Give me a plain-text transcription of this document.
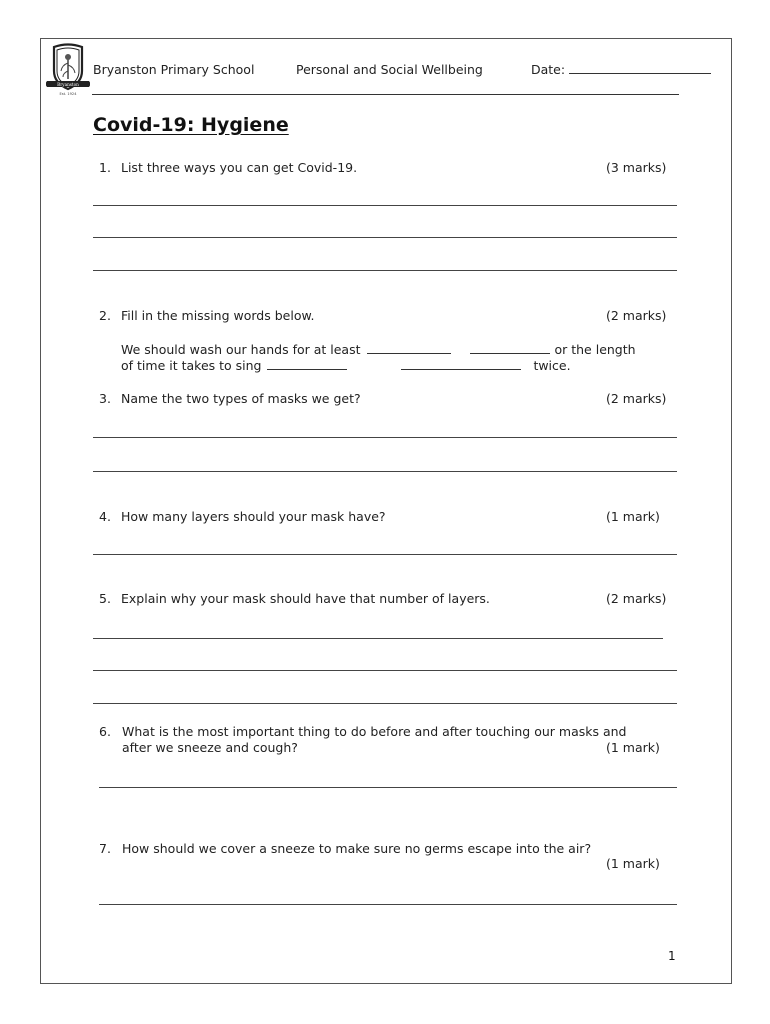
Bryanston
Est. 1924
Bryanston Primary School	Personal and Social Wellbeing	Date:
Covid-19: Hygiene
1. List three ways you can get Covid-19.	(3 marks)
2. Fill in the missing words below.	(2 marks)
We should wash our hands for at least	or the length
of time it takes to sing	twice.
3. Name the two types of masks we get?	(2 marks)
4. How many layers should your mask have?	(1 mark)
5. Explain why your mask should have that number of layers.	(2 marks)
6. What is the most important thing to do before and after touching our masks and
after we sneeze and cough?	(1 mark)
7. How should we cover a sneeze to make sure no germs escape into the air?
(1 mark)
1
